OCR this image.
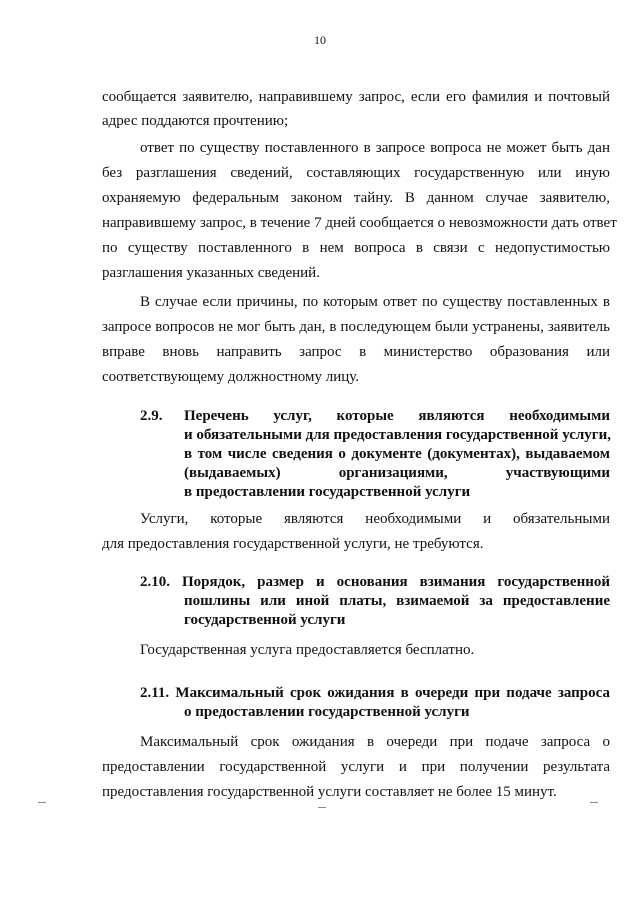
10
сообщается заявителю, направившему запрос, если его фамилия и почтовый
адрес поддаются прочтению;
ответ по существу поставленного в запросе вопроса не может быть дан
без разглашения сведений, составляющих государственную или иную
охраняемую федеральным законом тайну. В данном случае заявителю,
направившему запрос, в течение 7 дней сообщается о невозможности дать ответ
по существу поставленного в нем вопроса в связи с недопустимостью
разглашения указанных сведений.
В случае если причины, по которым ответ по существу поставленных в
запросе вопросов не мог быть дан, в последующем были устранены, заявитель
вправе вновь направить запрос в министерство образования или
соответствующему должностному лицу.
2.9. Перечень услуг, которые являются необходимыми
и обязательными для предоставления государственной услуги,
в том числе сведения о документе (документах), выдаваемом
(выдаваемых) организациями, участвующими
в предоставлении государственной услуги
Услуги, которые являются необходимыми и обязательными
для предоставления государственной услуги, не требуются.
2.10. Порядок, размер и основания взимания государственной
пошлины или иной платы, взимаемой за предоставление
государственной услуги
Государственная услуга предоставляется бесплатно.
2.11. Максимальный срок ожидания в очереди при подаче запроса
о предоставлении государственной услуги
Максимальный срок ожидания в очереди при подаче запроса о
предоставлении государственной услуги и при получении результата
предоставления государственной услуги составляет не более 15 минут.
